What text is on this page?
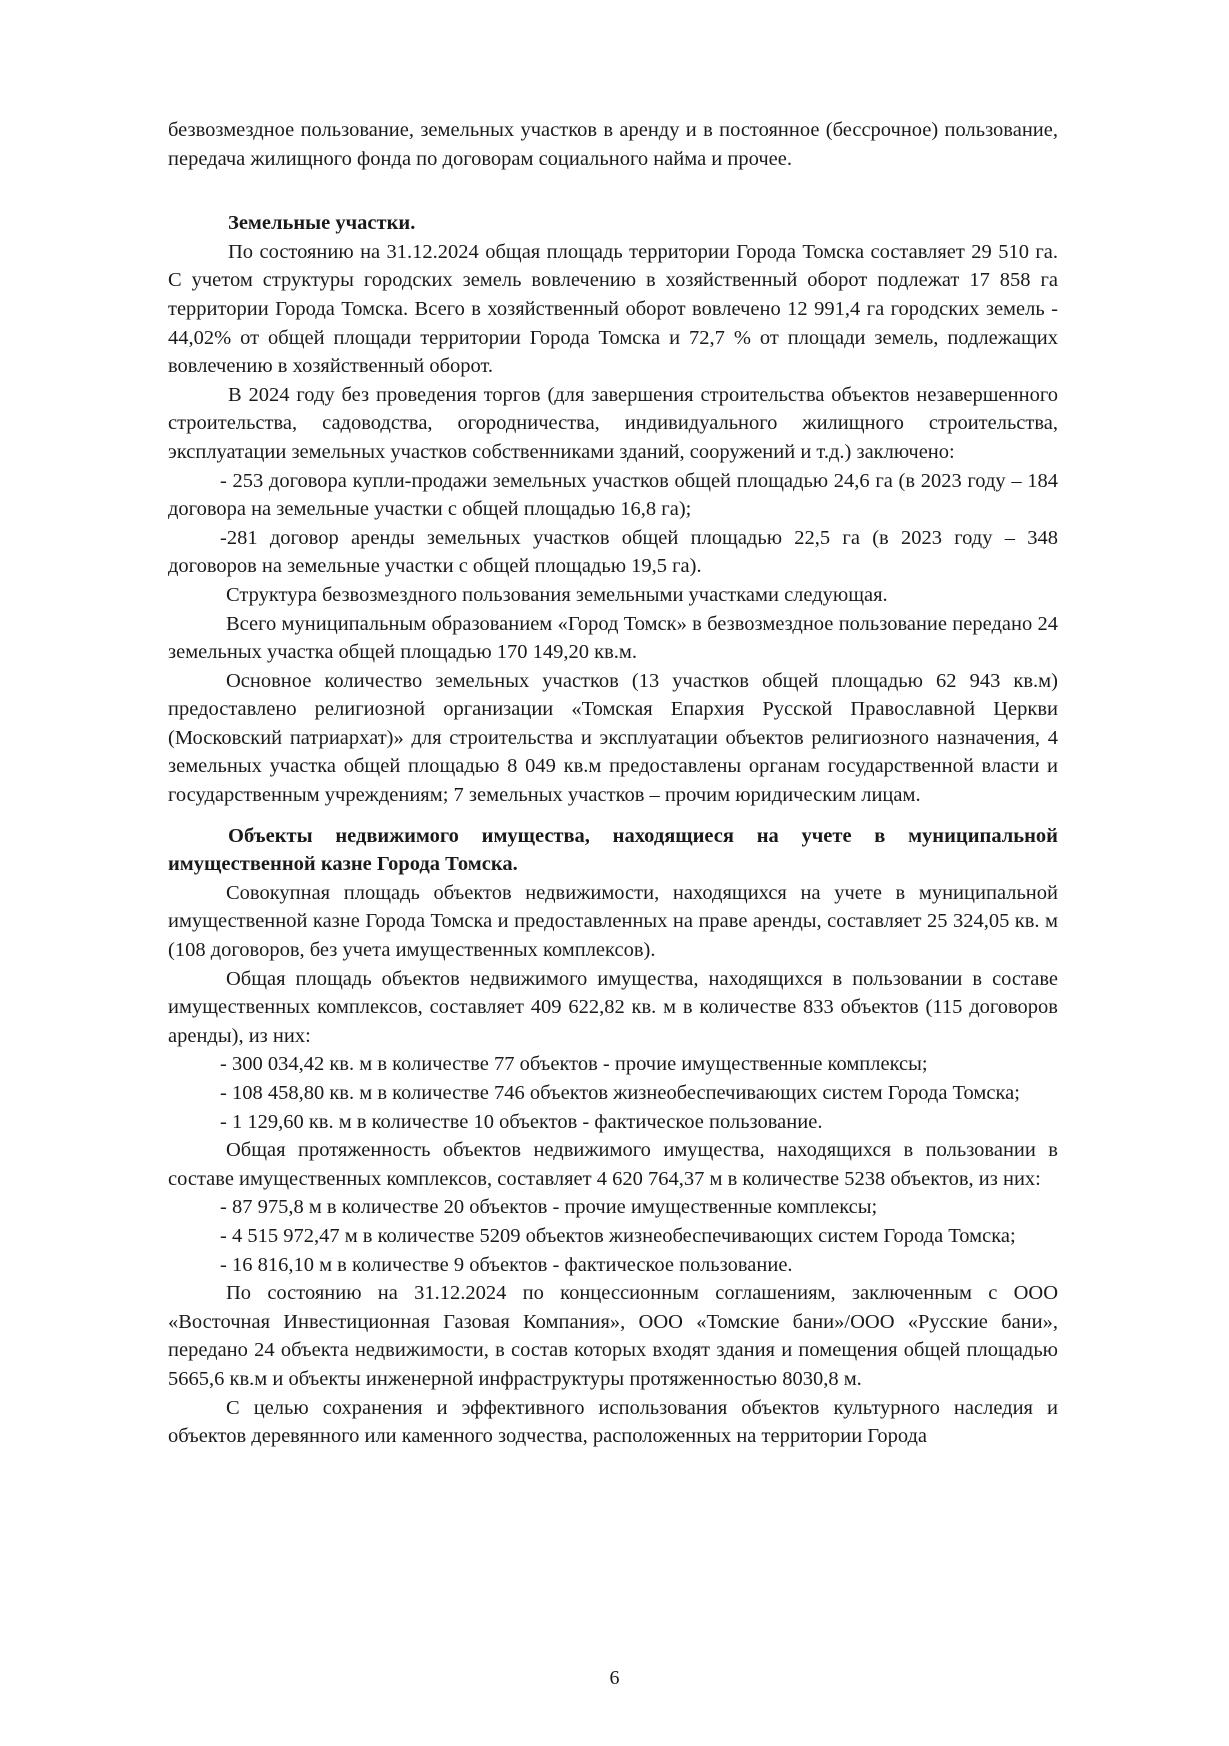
безвозмездное пользование, земельных участков в аренду и в постоянное (бессрочное) пользование, передача жилищного фонда по договорам социального найма и прочее.

Земельные участки.

По состоянию на 31.12.2024 общая площадь территории Города Томска составляет 29 510 га. С учетом структуры городских земель вовлечению в хозяйственный оборот подлежат 17 858 га территории Города Томска. Всего в хозяйственный оборот вовлечено 12 991,4 га городских земель - 44,02% от общей площади территории Города Томска и 72,7 % от площади земель, подлежащих вовлечению в хозяйственный оборот.

В 2024 году без проведения торгов (для завершения строительства объектов незавершенного строительства, садоводства, огородничества, индивидуального жилищного строительства, эксплуатации земельных участков собственниками зданий, сооружений и т.д.) заключено:

- 253 договора купли-продажи земельных участков общей площадью 24,6 га (в 2023 году – 184 договора на земельные участки с общей площадью 16,8 га);

-281 договор аренды земельных участков общей площадью 22,5 га (в 2023 году – 348 договоров на земельные участки с общей площадью 19,5 га).

Структура безвозмездного пользования земельными участками следующая.

Всего муниципальным образованием «Город Томск» в безвозмездное пользование передано 24 земельных участка общей площадью 170 149,20 кв.м.

Основное количество земельных участков (13 участков общей площадью 62 943 кв.м) предоставлено религиозной организации «Томская Епархия Русской Православной Церкви (Московский патриархат)» для строительства и эксплуатации объектов религиозного назначения, 4 земельных участка общей площадью 8 049 кв.м предоставлены органам государственной власти и государственным учреждениям; 7 земельных участков – прочим юридическим лицам.

Объекты недвижимого имущества, находящиеся на учете в муниципальной имущественной казне Города Томска.

Совокупная площадь объектов недвижимости, находящихся на учете в муниципальной имущественной казне Города Томска и предоставленных на праве аренды, составляет 25 324,05 кв. м (108 договоров, без учета имущественных комплексов).

Общая площадь объектов недвижимого имущества, находящихся в пользовании в составе имущественных комплексов, составляет 409 622,82 кв. м в количестве 833 объектов (115 договоров аренды), из них:

- 300 034,42 кв. м в количестве 77 объектов - прочие имущественные комплексы;

- 108 458,80 кв. м в количестве 746 объектов жизнеобеспечивающих систем Города Томска;

- 1 129,60 кв. м в количестве 10 объектов - фактическое пользование.

Общая протяженность объектов недвижимого имущества, находящихся в пользовании в составе имущественных комплексов, составляет 4 620 764,37 м в количестве 5238 объектов, из них:

- 87 975,8 м в количестве 20 объектов - прочие имущественные комплексы;

- 4 515 972,47 м в количестве 5209 объектов жизнеобеспечивающих систем Города Томска;

- 16 816,10 м в количестве 9 объектов - фактическое пользование.

По состоянию на 31.12.2024 по концессионным соглашениям, заключенным с ООО «Восточная Инвестиционная Газовая Компания», ООО «Томские бани»/ООО «Русские бани», передано 24 объекта недвижимости, в состав которых входят здания и помещения общей площадью 5665,6 кв.м и объекты инженерной инфраструктуры протяженностью 8030,8 м.

С целью сохранения и эффективного использования объектов культурного наследия и объектов деревянного или каменного зодчества, расположенных на территории Города

6
